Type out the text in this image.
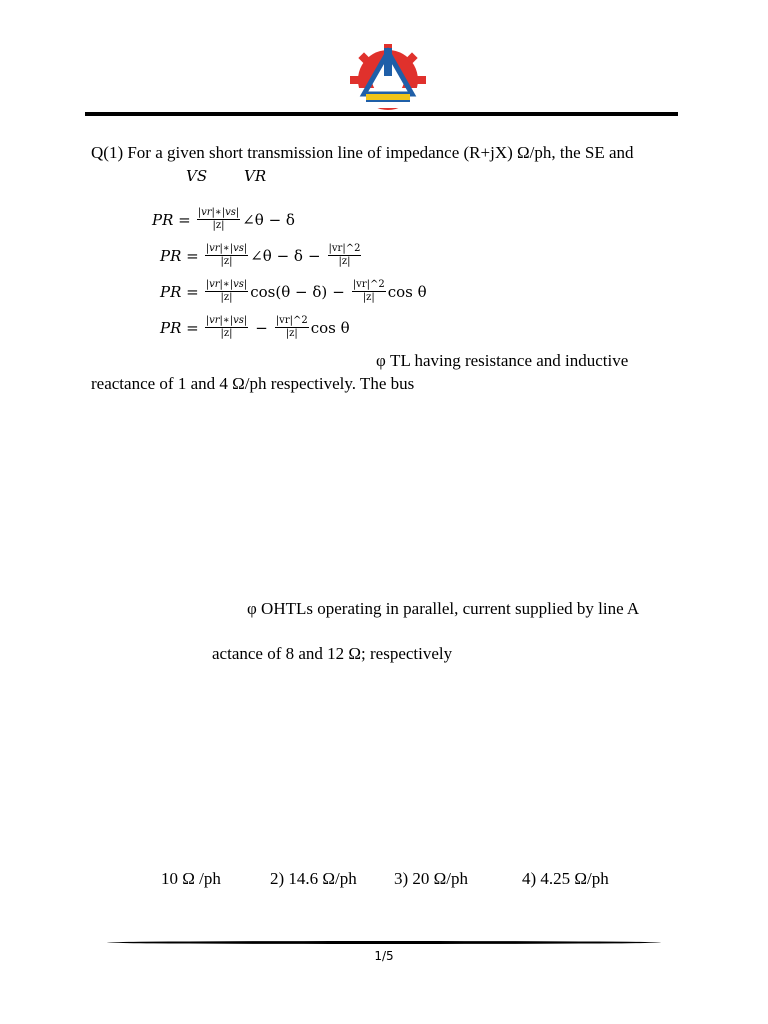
Q(1) For a given short transmission line of impedance (R+jX) Ω/ph, the SE and
VS VR
PR = $\frac{|vr|∗|vs|}{|z|}$ ∠θ − δ
PR = $\frac{|vr|∗|vs|}{|z|}$ ∠θ − $\delta - \frac{|vr|\^{}2}{|z|}$
PR = $\frac{|vr|∗|vs|}{|z|} \cos(\theta - \delta) - \frac{|vr|\^{}2}{|z|}$ cos θ
PR = $\frac{|vr|∗|vs|}{|z|} - \frac{|vr|\^{}2}{|z|}$ cos θ
φ TL having resistance and inductive
reactance of 1 and 4 Ω/ph respectively. The bus
φ OHTLs operating in parallel, current supplied by line A
actance of 8 and 12 Ω; respectively
10 Ω /ph	2) 14.6 Ω/ph 3) 20 Ω/ph	4) 4.25 Ω/ph
1/5
